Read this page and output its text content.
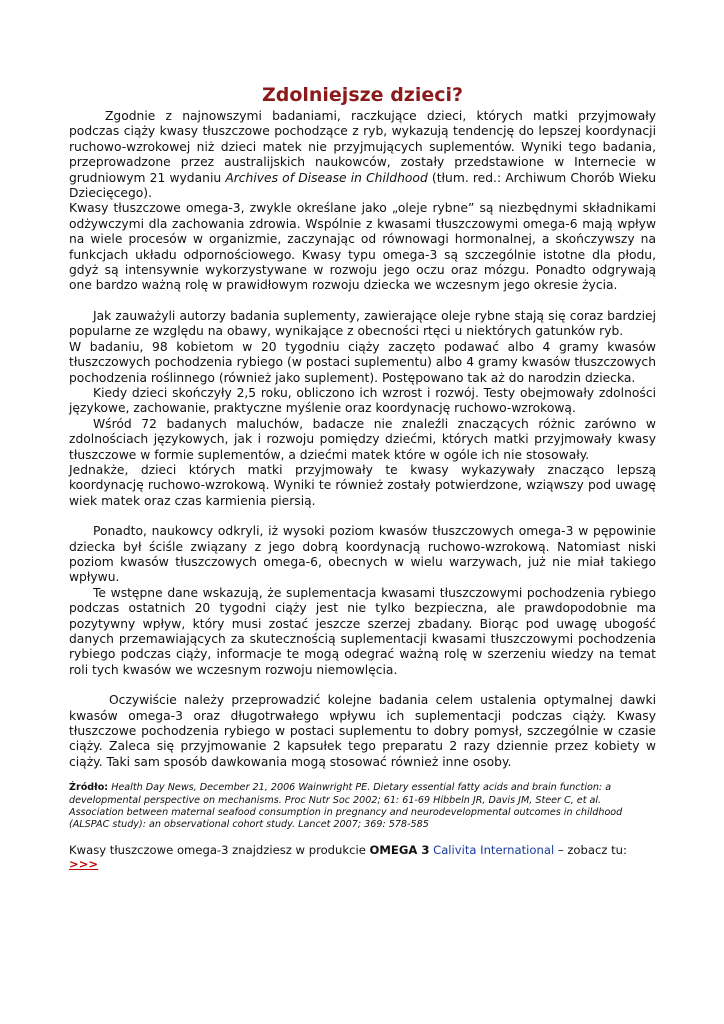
Zdolniejsze dzieci?

Zgodnie z najnowszymi badaniami, raczkujące dzieci, których matki przyjmowały podczas ciąży kwasy tłuszczowe pochodzące z ryb, wykazują tendencję do lepszej koordynacji ruchowo-wzrokowej niż dzieci matek nie przyjmujących suplementów. Wyniki tego badania, przeprowadzone przez australijskich naukowców, zostały przedstawione w Internecie w grudniowym 21 wydaniu Archives of Disease in Childhood (tłum. red.: Archiwum Chorób Wieku Dziecięcego).

Kwasy tłuszczowe omega-3, zwykle określane jako „oleje rybne” są niezbędnymi składnikami odżywczymi dla zachowania zdrowia. Wspólnie z kwasami tłuszczowymi omega-6 mają wpływ na wiele procesów w organizmie, zaczynając od równowagi hormonalnej, a skończywszy na funkcjach układu odpornościowego. Kwasy typu omega-3 są szczególnie istotne dla płodu, gdyż są intensywnie wykorzystywane w rozwoju jego oczu oraz mózgu. Ponadto odgrywają one bardzo ważną rolę w prawidłowym rozwoju dziecka we wczesnym jego okresie życia.

Jak zauważyli autorzy badania suplementy, zawierające oleje rybne stają się coraz bardziej popularne ze względu na obawy, wynikające z obecności rtęci u niektórych gatunków ryb.

W badaniu, 98 kobietom w 20 tygodniu ciąży zaczęto podawać albo 4 gramy kwasów tłuszczowych pochodzenia rybiego (w postaci suplementu) albo 4 gramy kwasów tłuszczowych pochodzenia roślinnego (również jako suplement). Postępowano tak aż do narodzin dziecka.

Kiedy dzieci skończyły 2,5 roku, obliczono ich wzrost i rozwój. Testy obejmowały zdolności językowe, zachowanie, praktyczne myślenie oraz koordynację ruchowo-wzrokową.

Wśród 72 badanych maluchów, badacze nie znaleźli znaczących różnic zarówno w zdolnościach językowych, jak i rozwoju pomiędzy dziećmi, których matki przyjmowały kwasy tłuszczowe w formie suplementów, a dziećmi matek które w ogóle ich nie stosowały.

Jednakże, dzieci których matki przyjmowały te kwasy wykazywały znacząco lepszą koordynację ruchowo-wzrokową. Wyniki te również zostały potwierdzone, wziąwszy pod uwagę wiek matek oraz czas karmienia piersią.

Ponadto, naukowcy odkryli, iż wysoki poziom kwasów tłuszczowych omega-3 w pępowinie dziecka był ściśle związany z jego dobrą koordynacją ruchowo-wzrokową. Natomiast niski poziom kwasów tłuszczowych omega-6, obecnych w wielu warzywach, już nie miał takiego wpływu.

Te wstępne dane wskazują, że suplementacja kwasami tłuszczowymi pochodzenia rybiego podczas ostatnich 20 tygodni ciąży jest nie tylko bezpieczna, ale prawdopodobnie ma pozytywny wpływ, który musi zostać jeszcze szerzej zbadany. Biorąc pod uwagę ubogość danych przemawiających za skutecznością suplementacji kwasami tłuszczowymi pochodzenia rybiego podczas ciąży, informacje te mogą odegrać ważną rolę w szerzeniu wiedzy na temat roli tych kwasów we wczesnym rozwoju niemowlęcia.

Oczywiście należy przeprowadzić kolejne badania celem ustalenia optymalnej dawki kwasów omega-3 oraz długotrwałego wpływu ich suplementacji podczas ciąży. Kwasy tłuszczowe pochodzenia rybiego w postaci suplementu to dobry pomysł, szczególnie w czasie ciąży. Zaleca się przyjmowanie 2 kapsułek tego preparatu 2 razy dziennie przez kobiety w ciąży. Taki sam sposób dawkowania mogą stosować również inne osoby.

Źródło: Health Day News, December 21, 2006 Wainwright PE. Dietary essential fatty acids and brain function: a developmental perspective on mechanisms. Proc Nutr Soc 2002; 61: 61-69 Hibbeln JR, Davis JM, Steer C, et al. Association between maternal seafood consumption in pregnancy and neurodevelopmental outcomes in childhood (ALSPAC study): an observational cohort study. Lancet 2007; 369: 578-585

Kwasy tłuszczowe omega-3 znajdziesz w produkcie OMEGA 3 Calivita International – zobacz tu: >>>
